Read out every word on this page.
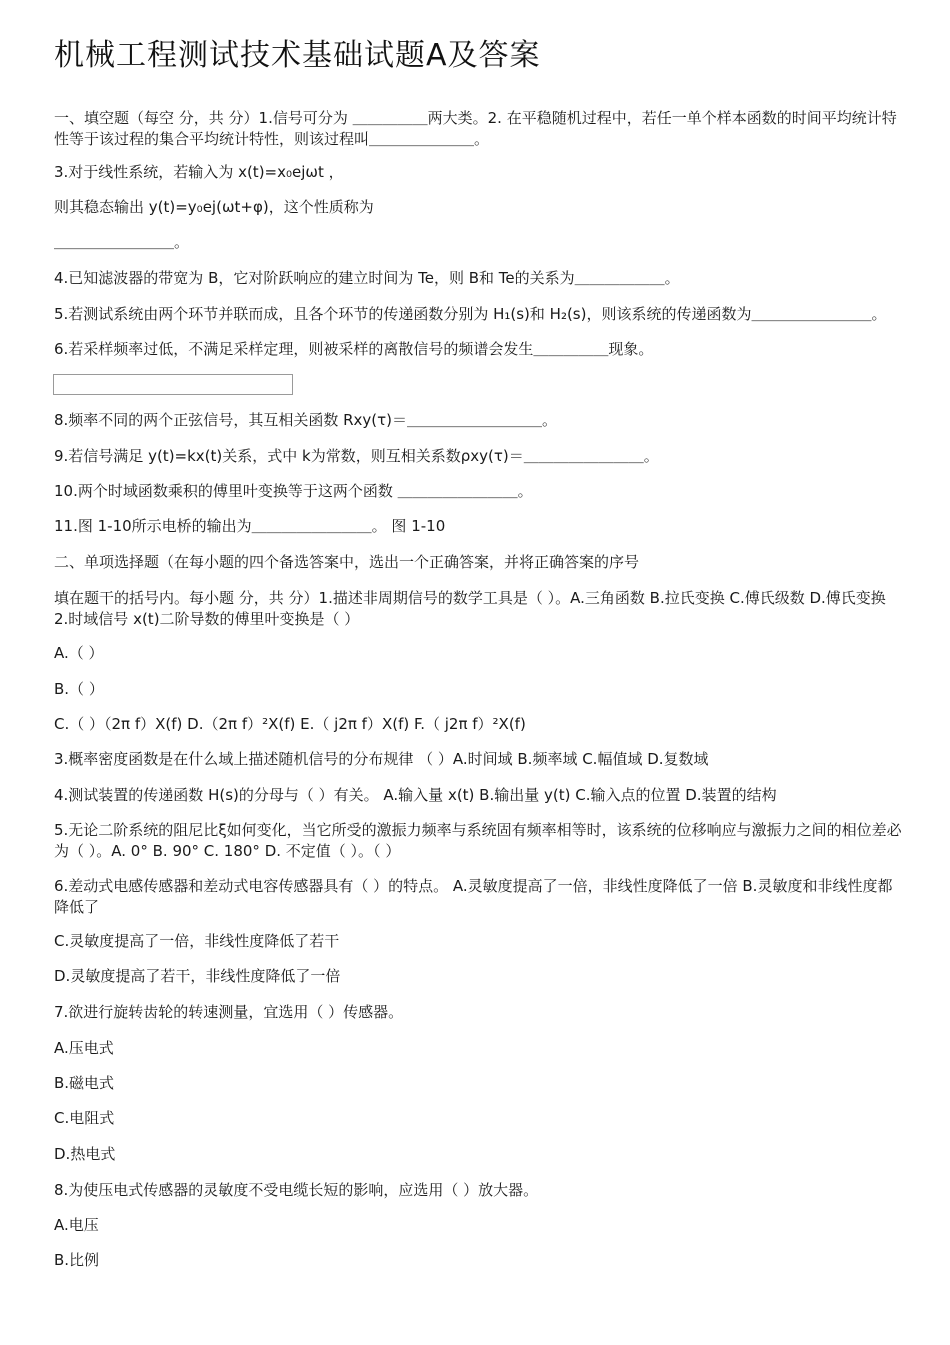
机械工程测试技术基础试题A及答案

一、填空题（每空 分，共 分）1.信号可分为 ＿＿＿＿＿两大类。2. 在平稳随机过程中，若任一单个样本函数的时间平均统计特性等于该过程的集合平均统计特性，则该过程叫＿＿＿＿＿＿＿。

3.对于线性系统，若输入为 x(t)=x₀ejωt ，

则其稳态输出 y(t)=y₀ej(ωt+φ)，这个性质称为

＿＿＿＿＿＿＿＿。

4.已知滤波器的带宽为 B，它对阶跃响应的建立时间为 Te，则 B和 Te的关系为＿＿＿＿＿＿。

5.若测试系统由两个环节并联而成，且各个环节的传递函数分别为 H₁(s)和 H₂(s)，则该系统的传递函数为＿＿＿＿＿＿＿＿。

6.若采样频率过低，不满足采样定理，则被采样的离散信号的频谱会发生＿＿＿＿＿现象。

8.频率不同的两个正弦信号，其互相关函数 Rxy(τ)＝＿＿＿＿＿＿＿＿＿。

9.若信号满足 y(t)=kx(t)关系，式中 k为常数，则互相关系数ρxy(τ)＝＿＿＿＿＿＿＿＿。

10.两个时域函数乘积的傅里叶变换等于这两个函数 ＿＿＿＿＿＿＿＿。

11.图 1-10所示电桥的输出为＿＿＿＿＿＿＿＿。 图 1-10

二、单项选择题（在每小题的四个备选答案中，选出一个正确答案，并将正确答案的序号

填在题干的括号内。每小题 分，共 分）1.描述非周期信号的数学工具是（ ）。A.三角函数 B.拉氏变换 C.傅氏级数 D.傅氏变换 2.时域信号 x(t)二阶导数的傅里叶变换是（ ）

A.（ ）

B.（ ）

C.（ ）（2π f）X(f) D.（2π f）²X(f) E.（ j2π f）X(f) F.（ j2π f）²X(f)

3.概率密度函数是在什么域上描述随机信号的分布规律 （ ）A.时间域 B.频率域 C.幅值域 D.复数域

4.测试装置的传递函数 H(s)的分母与（ ）有关。 A.输入量 x(t) B.输出量 y(t) C.输入点的位置 D.装置的结构

5.无论二阶系统的阻尼比ξ如何变化，当它所受的激振力频率与系统固有频率相等时，该系统的位移响应与激振力之间的相位差必为（ ）。A. 0° B. 90° C. 180° D. 不定值（ ）。（ ）

6.差动式电感传感器和差动式电容传感器具有（ ）的特点。 A.灵敏度提高了一倍，非线性度降低了一倍 B.灵敏度和非线性度都降低了

C.灵敏度提高了一倍，非线性度降低了若干

D.灵敏度提高了若干，非线性度降低了一倍

7.欲进行旋转齿轮的转速测量，宜选用（ ）传感器。

A.压电式

B.磁电式

C.电阻式

D.热电式

8.为使压电式传感器的灵敏度不受电缆长短的影响，应选用（ ）放大器。

A.电压

B.比例
